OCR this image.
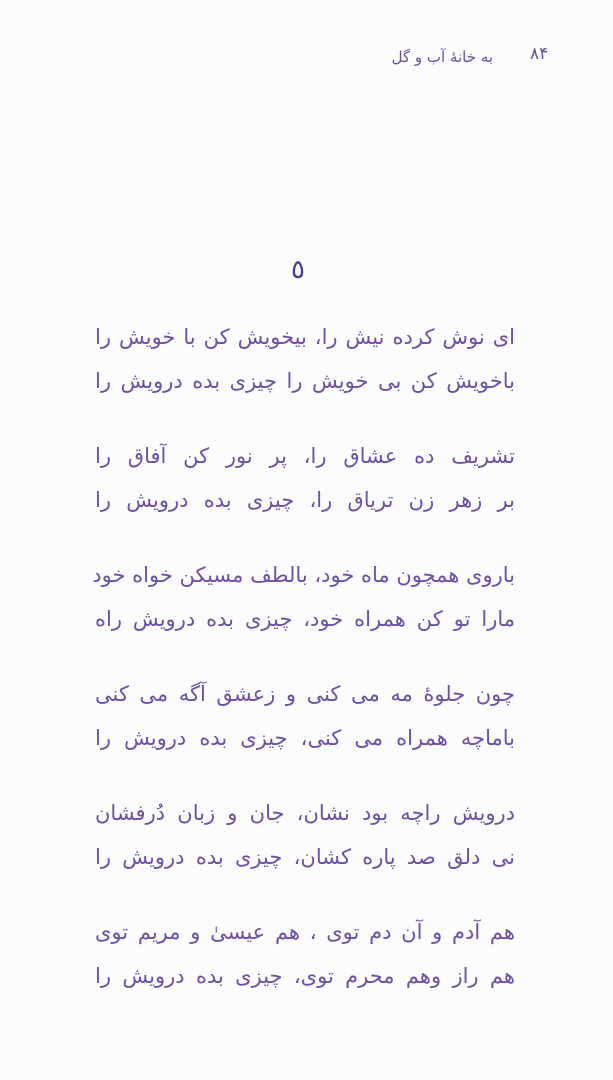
۸۴
به خانهٔ آب و گل
٥
ای نوش کرده نیش را، بیخویش کن با خویش را
باخویش کن بی خویش را چیزی بده درویش را
تشریف ده عشاق را، پر نور کن آفاق را
بر زهر زن تریاق را، چیزی بده درویش را
باروی همچون ماه خود، بالطف مسیکن خواه خود
مارا تو کن همراه خود، چیزی بده درویش راه
چون جلوهٔ مه می کنی و زعشق آگه می کنی
باماچه همراه می کنی، چیزی بده درویش را
درویش راچه بود نشان، جان و زبان دُرفشان
نی دلق صد پاره کشان، چیزی بده درویش را
هم آدم و آن دم توی ، هم عیسیٰ و مریم توی
هم راز وهم محرم توی، چیزی بده درویش را
